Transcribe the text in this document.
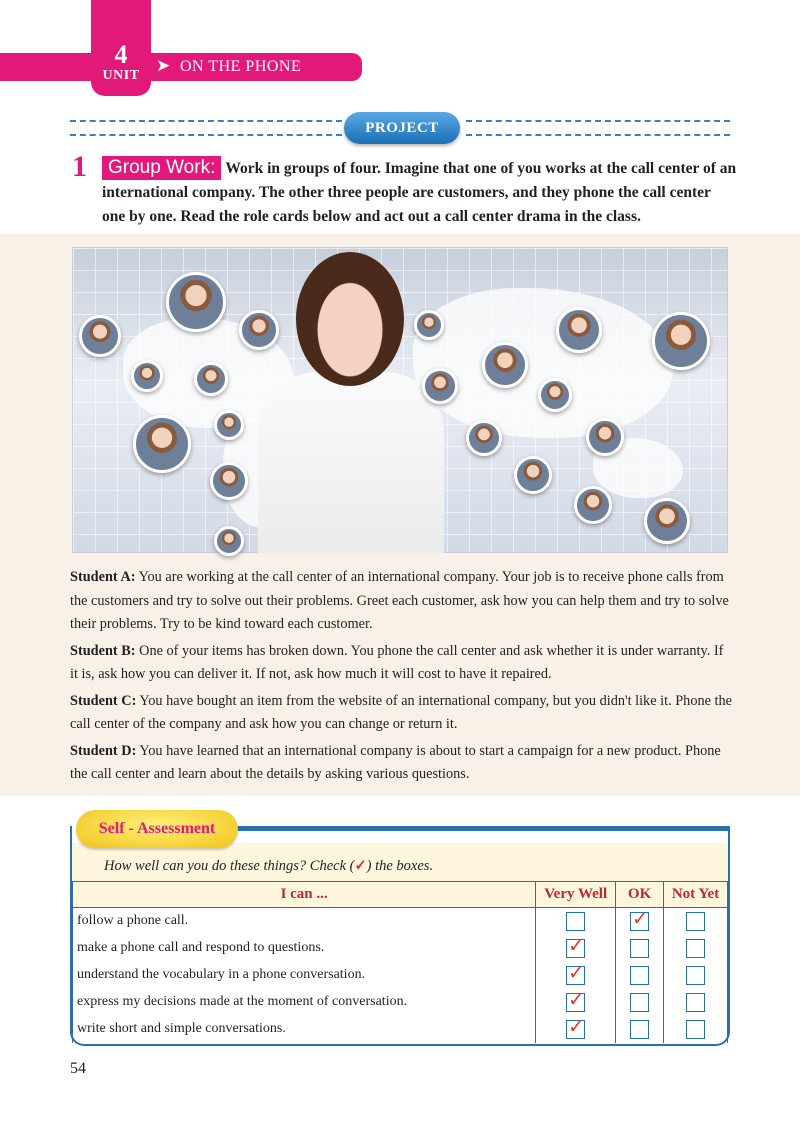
➤ ON THE PHONE
4
UNIT
PROJECT
1	Group Work: Work in groups of four. Imagine that one of you works at the call center of an international company. The other three people are customers, and they phone the call center one by one. Read the role cards below and act out a call center drama in the class.
Student A: You are working at the call center of an international company. Your job is to receive phone calls from the customers and try to solve out their problems. Greet each customer, ask how you can help them and try to solve their problems. Try to be kind toward each customer.
Student B: One of your items has broken down. You phone the call center and ask whether it is under warranty. If it is, ask how you can deliver it. If not, ask how much it will cost to have it repaired.
Student C: You have bought an item from the website of an international company, but you didn't like it. Phone the call center of the company and ask how you can change or return it.
Student D: You have learned that an international company is about to start a campaign for a new product. Phone the call center and learn about the details by asking various questions.
Self - Assessment
How well can you do these things? Check (✓) the boxes.
I can ...	Very Well	OK	Not Yet
follow a phone call.		✓	
make a phone call and respond to questions.	✓		
understand the vocabulary in a phone conversation.	✓		
express my decisions made at the moment of conversation.	✓		
write short and simple conversations.	✓		
54
